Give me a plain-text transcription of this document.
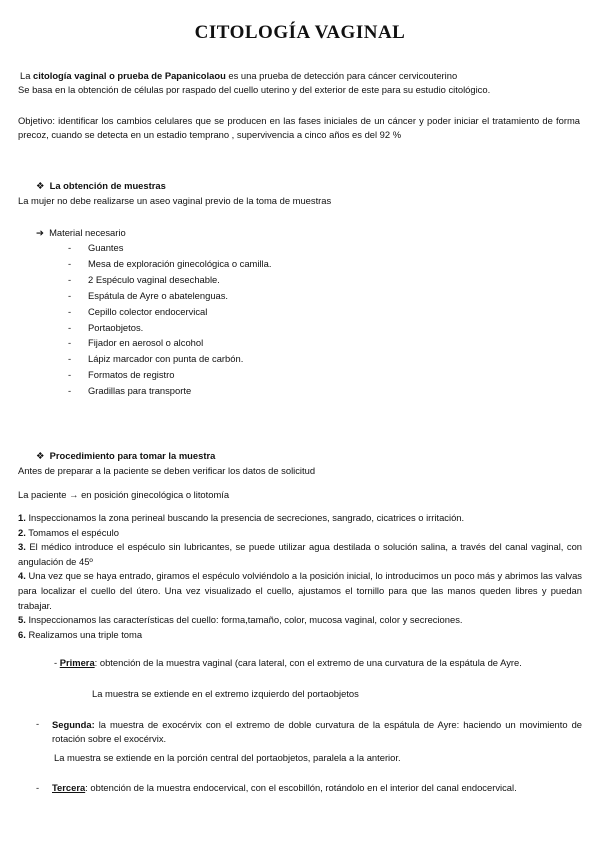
CITOLOGÍA VAGINAL
La citología vaginal o prueba de Papanicolaou es una prueba de detección para cáncer cervicouterino
Se basa en la obtención de células por raspado del cuello uterino y del exterior de este para su estudio citológico.
Objetivo: identificar los cambios celulares que se producen en las fases iniciales de un cáncer y poder iniciar el tratamiento de forma precoz, cuando se detecta en un estadio temprano , supervivencia a cinco años es del 92 %
❖ La obtención de muestras
La mujer no debe realizarse un aseo vaginal previo de la toma de muestras
➔ Material necesario
- Guantes
- Mesa de exploración ginecológica o camilla.
- 2 Espéculo vaginal desechable.
- Espátula de Ayre o abatelenguas.
- Cepillo colector endocervical
- Portaobjetos.
- Fijador en aerosol o alcohol
- Lápiz marcador con punta de carbón.
- Formatos de registro
- Gradillas para transporte
❖ Procedimiento para tomar la muestra
Antes de preparar a la paciente se deben verificar los datos de solicitud
La paciente → en posición ginecológica o litotomía
1. Inspeccionamos la zona perineal buscando la presencia de secreciones, sangrado, cicatrices o irritación.
2. Tomamos el espéculo
3. El médico introduce el espéculo sin lubricantes, se puede utilizar agua destilada o solución salina, a través del canal vaginal, con angulación de 45º
4. Una vez que se haya entrado, giramos el espéculo volviéndolo a la posición inicial, lo introducimos un poco más y abrimos las valvas para localizar el cuello del útero. Una vez visualizado el cuello, ajustamos el tornillo para que las manos queden libres y puedan trabajar.
5. Inspeccionamos las características del cuello: forma,tamaño, color, mucosa vaginal, color y secreciones.
6. Realizamos una triple toma
- Primera: obtención de la muestra vaginal (cara lateral, con el extremo de una curvatura de la espátula de Ayre.
La muestra se extiende en el extremo izquierdo del portaobjetos
- Segunda: la muestra de exocérvix con el extremo de doble curvatura de la espátula de Ayre: haciendo un movimiento de rotación sobre el exocérvix.
La muestra se extiende en la porción central del portaobjetos, paralela a la anterior.
- Tercera: obtención de la muestra endocervical, con el escobillón, rotándolo en el interior del canal endocervical.
